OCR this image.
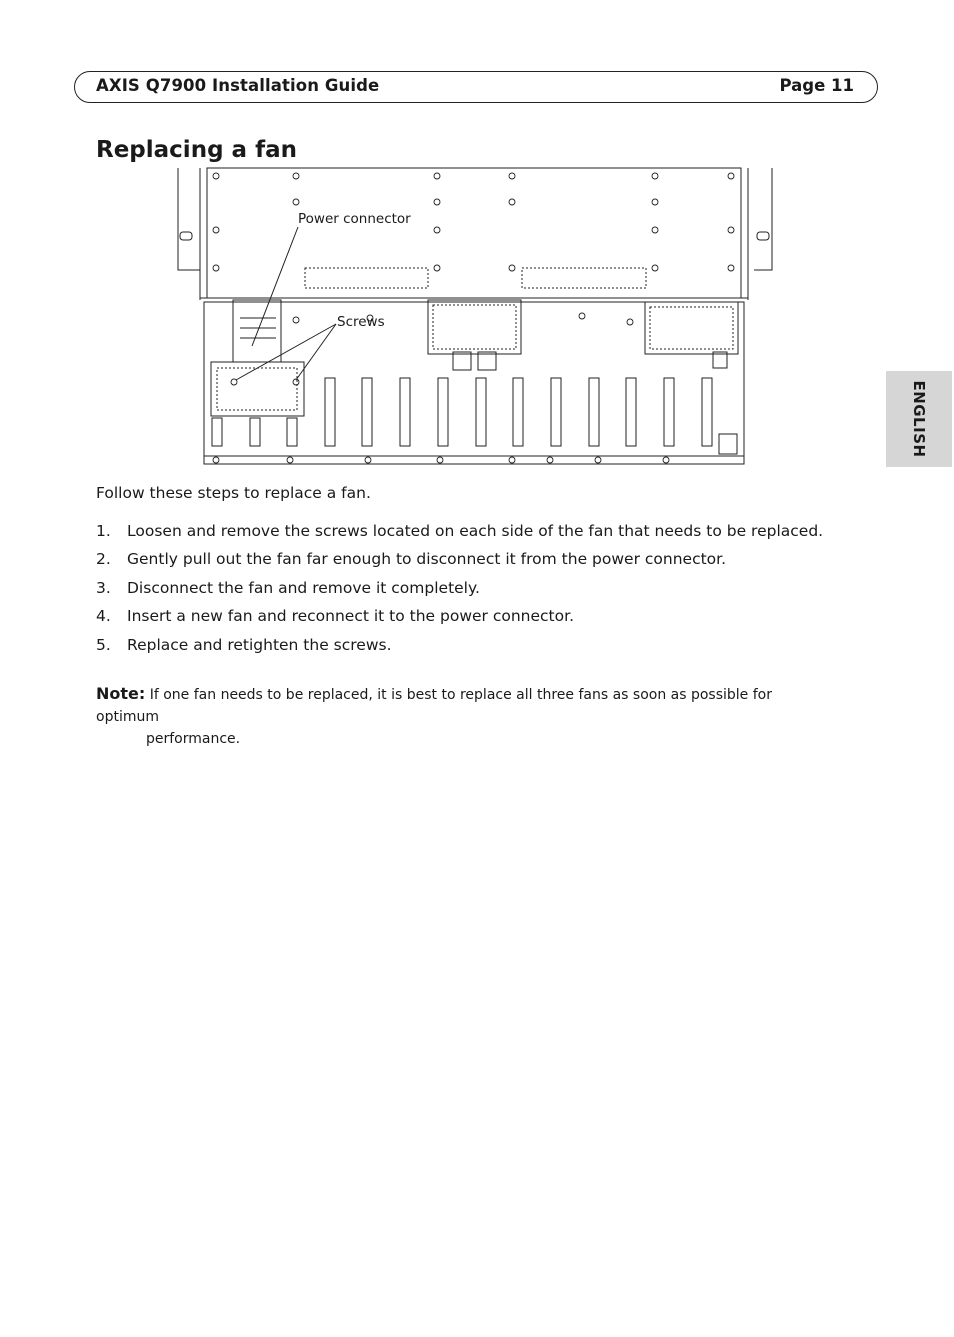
AXIS Q7900 Installation Guide	Page 11
Replacing a fan
ENGLISH
Power connector
Screws
Follow these steps to replace a fan.
1.	Loosen and remove the screws located on each side of the fan that needs to be replaced.
2.	Gently pull out the fan far enough to disconnect it from the power connector.
3.	Disconnect the fan and remove it completely.
4.	Insert a new fan and reconnect it to the power connector.
5.	Replace and retighten the screws.
Note: If one fan needs to be replaced, it is best to replace all three fans as soon as possible for optimum
performance.
